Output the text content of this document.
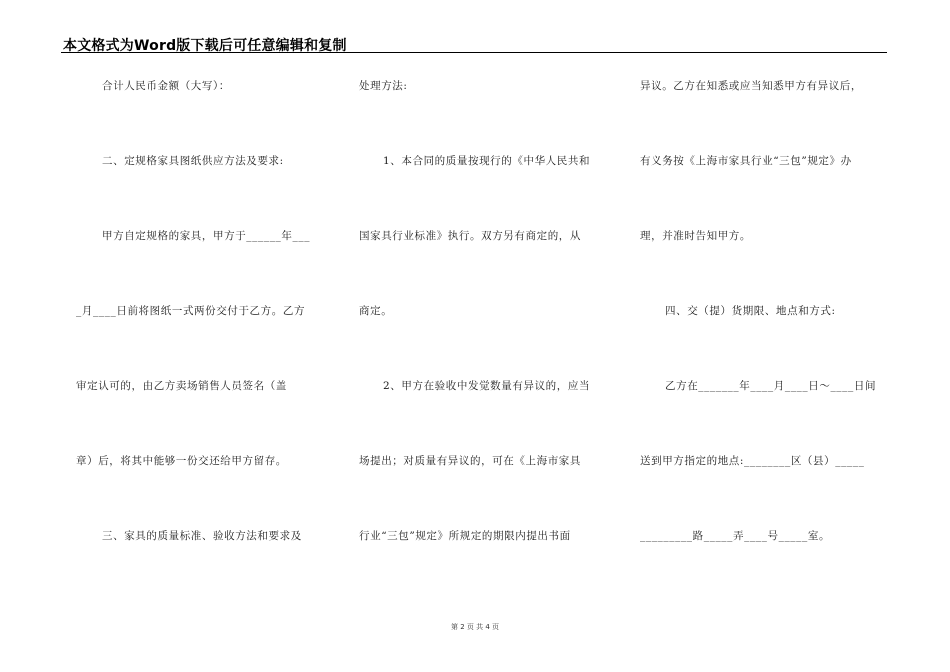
本文格式为Word版下载后可任意编辑和复制
合计人民币金额（大写）：
二、定规格家具图纸供应方法及要求:
甲方自定规格的家具，甲方于______年___
_月____日前将图纸一式两份交付于乙方。乙方
审定认可的，由乙方卖场销售人员签名（盖
章）后，将其中能够一份交还给甲方留存。
三、家具的质量标准、验收方法和要求及
处理方法:
1、本合同的质量按现行的《中华人民共和
国家具行业标准》执行。双方另有商定的，从
商定。
2、甲方在验收中发觉数量有异议的，应当
场提出；对质量有异议的，可在《上海市家具
行业“三包”规定》所规定的期限内提出书面
异议。乙方在知悉或应当知悉甲方有异议后，
有义务按《上海市家具行业“三包”规定》办
理，并准时告知甲方。
四、交（提）货期限、地点和方式:
乙方在_______年____月____日～____日间
送到甲方指定的地点:________区（县）_____
_________路_____弄____号_____室。
第 2 页 共 4 页
